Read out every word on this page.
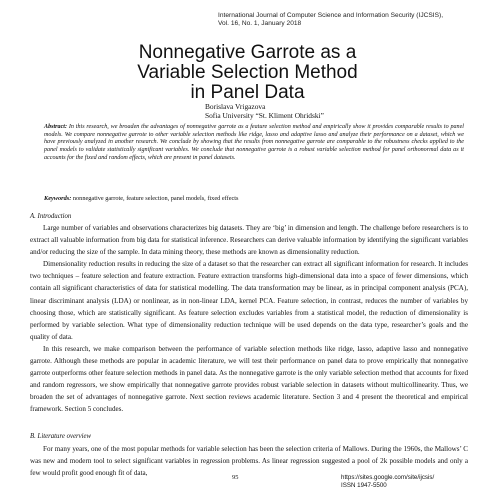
International Journal of Computer Science and Information Security (IJCSIS),
Vol. 16, No. 1, January 2018
Nonnegative Garrote as a
Variable Selection Method
in Panel Data
Borislava Vrigazova
Sofia University “St. Kliment Ohridski”
Abstract: In this research, we broaden the advantages of nonnegative garrote as a feature selection method and empirically show it provides comparable results to panel models. We compare nonnegative garrote to other variable selection methods like ridge, lasso and adaptive lasso and analyze their performance on a dataset, which we have previously analyzed in another research. We conclude by showing that the results from nonnegative garrote are comparable to the robustness checks applied to the panel models to validate statistically significant variables. We conclude that nonnegative garrote is a robust variable selection method for panel orthonormal data as it accounts for the fixed and random effects, which are present in panel datasets.
Keywords: nonnegative garrote, feature selection, panel models, fixed effects
A. Introduction

Large number of variables and observations characterizes big datasets. They are ‘big’ in dimension and length. The challenge before researchers is to extract all valuable information from big data for statistical inference. Researchers can derive valuable information by identifying the significant variables and/or reducing the size of the sample. In data mining theory, these methods are known as dimensionality reduction.

Dimensionality reduction results in reducing the size of a dataset so that the researcher can extract all significant information for research. It includes two techniques – feature selection and feature extraction. Feature extraction transforms high-dimensional data into a space of fewer dimensions, which contain all significant characteristics of data for statistical modelling. The data transformation may be linear, as in principal component analysis (PCA), linear discriminant analysis (LDA) or nonlinear, as in non-linear LDA, kernel PCA. Feature selection, in contrast, reduces the number of variables by choosing those, which are statistically significant. As feature selection excludes variables from a statistical model, the reduction of dimensionality is performed by variable selection. What type of dimensionality reduction technique will be used depends on the data type, researcher’s goals and the quality of data.

In this research, we make comparison between the performance of variable selection methods like ridge, lasso, adaptive lasso and nonnegative garrote. Although these methods are popular in academic literature, we will test their performance on panel data to prove empirically that nonnegative garrote outperforms other feature selection methods in panel data. As the nonnegative garrote is the only variable selection method that accounts for fixed and random regressors, we show empirically that nonnegative garrote provides robust variable selection in datasets without multicollinearity. Thus, we broaden the set of advantages of nonnegative garrote. Next section reviews academic literature. Section 3 and 4 present the theoretical and empirical framework. Section 5 concludes.

B. Literature overview

For many years, one of the most popular methods for variable selection has been the selection criteria of Mallows. During the 1960s, the Mallows’ C was new and modern tool to select significant variables in regression problems. As linear regression suggested a pool of 2k possible models and only a few would profit good enough fit of data,

95	https://sites.google.com/site/ijcsis/
ISSN 1947-5500
